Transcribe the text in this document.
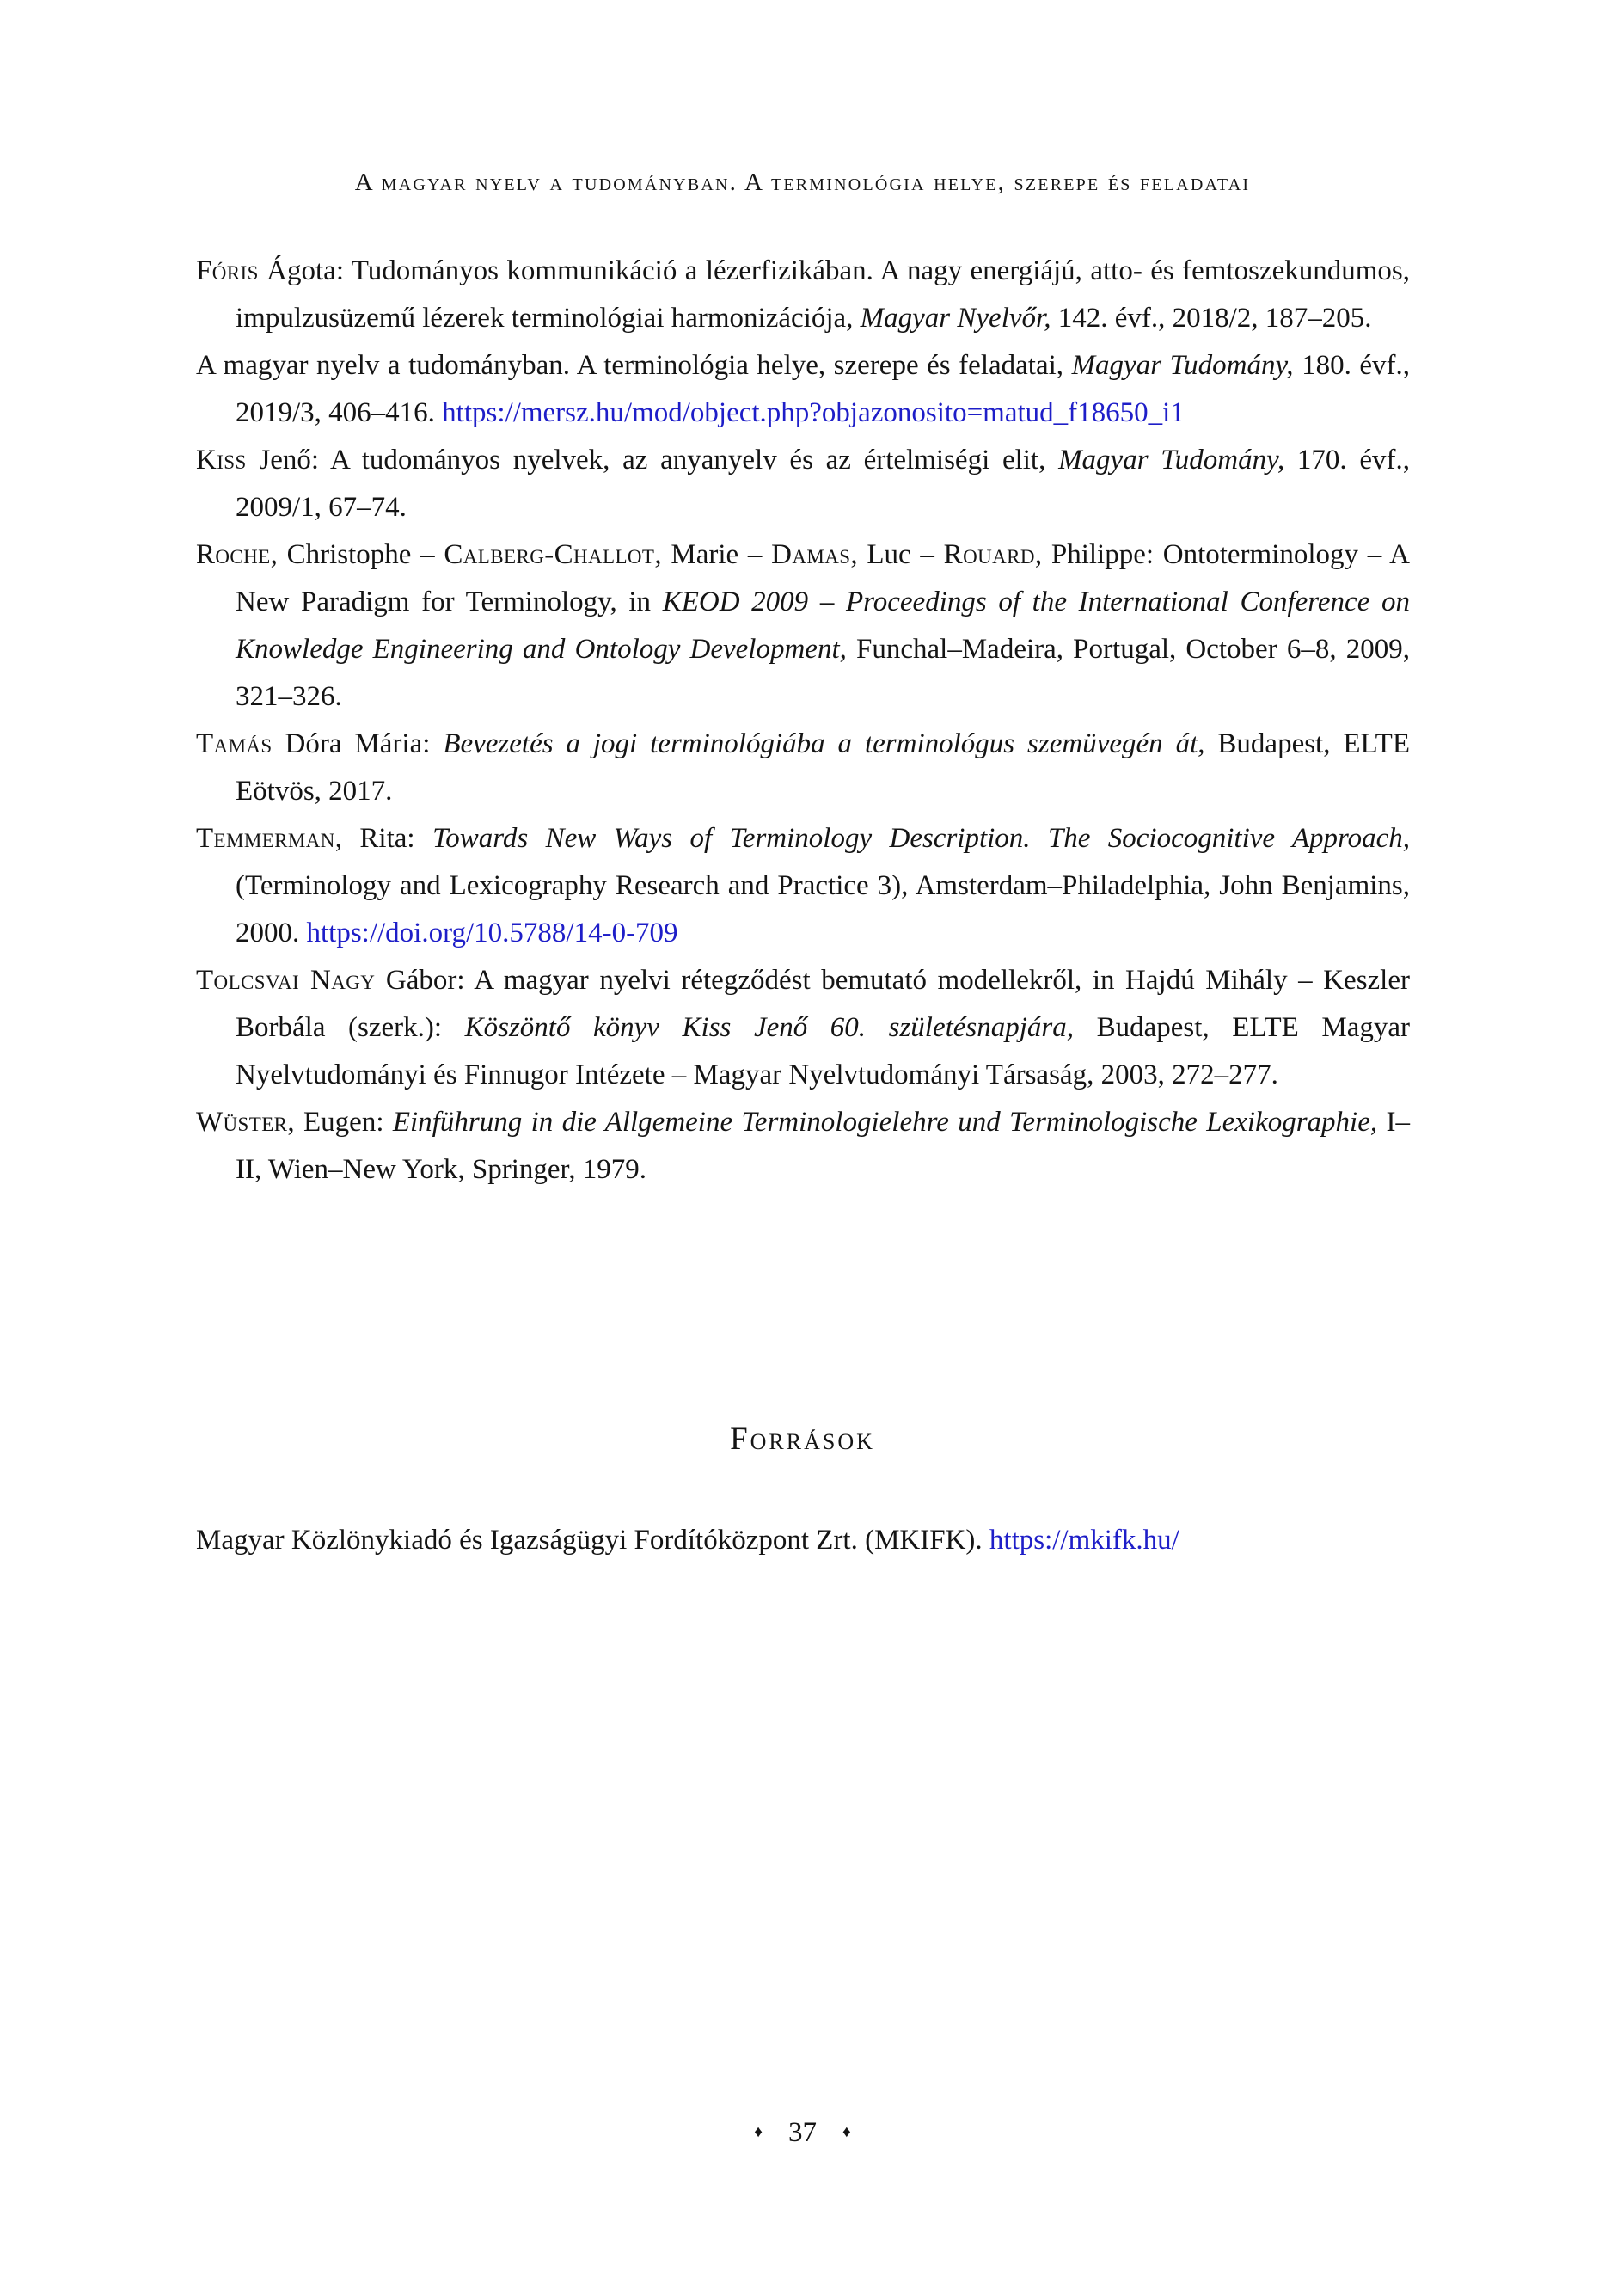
A magyar nyelv a tudományban. A terminológia helye, szerepe és feladatai

Fóris Ágota: Tudományos kommunikáció a lézerfizikában. A nagy energiájú, atto- és femtoszekundumos, impulzusüzemű lézerek terminológiai harmonizációja, Magyar Nyelvőr, 142. évf., 2018/2, 187–205.

A magyar nyelv a tudományban. A terminológia helye, szerepe és feladatai, Magyar Tudomány, 180. évf., 2019/3, 406–416. https://mersz.hu/mod/object.php?objazonosito=matud_f18650_i1

Kiss Jenő: A tudományos nyelvek, az anyanyelv és az értelmiségi elit, Magyar Tudomány, 170. évf., 2009/1, 67–74.

Roche, Christophe – Calberg-Challot, Marie – Damas, Luc – Rouard, Philippe: Ontoterminology – A New Paradigm for Terminology, in KEOD 2009 – Proceedings of the International Conference on Knowledge Engineering and Ontology Development, Funchal–Madeira, Portugal, October 6–8, 2009, 321–326.

Tamás Dóra Mária: Bevezetés a jogi terminológiába a terminológus szemüvegén át, Budapest, ELTE Eötvös, 2017.

Temmerman, Rita: Towards New Ways of Terminology Description. The Sociocognitive Approach, (Terminology and Lexicography Research and Practice 3), Amsterdam–Philadelphia, John Benjamins, 2000. https://doi.org/10.5788/14-0-709

Tolcsvai Nagy Gábor: A magyar nyelvi rétegződést bemutató modellekről, in Hajdú Mihály – Keszler Borbála (szerk.): Köszöntő könyv Kiss Jenő 60. születésnapjára, Budapest, ELTE Magyar Nyelvtudományi és Finnugor Intézete – Magyar Nyelvtudományi Társaság, 2003, 272–277.

Wüster, Eugen: Einführung in die Allgemeine Terminologielehre und Terminologische Lexikographie, I–II, Wien–New York, Springer, 1979.

Források

Magyar Közlönykiadó és Igazságügyi Fordítóközpont Zrt. (MKIFK). https://mkifk.hu/

♦ 37 ♦
